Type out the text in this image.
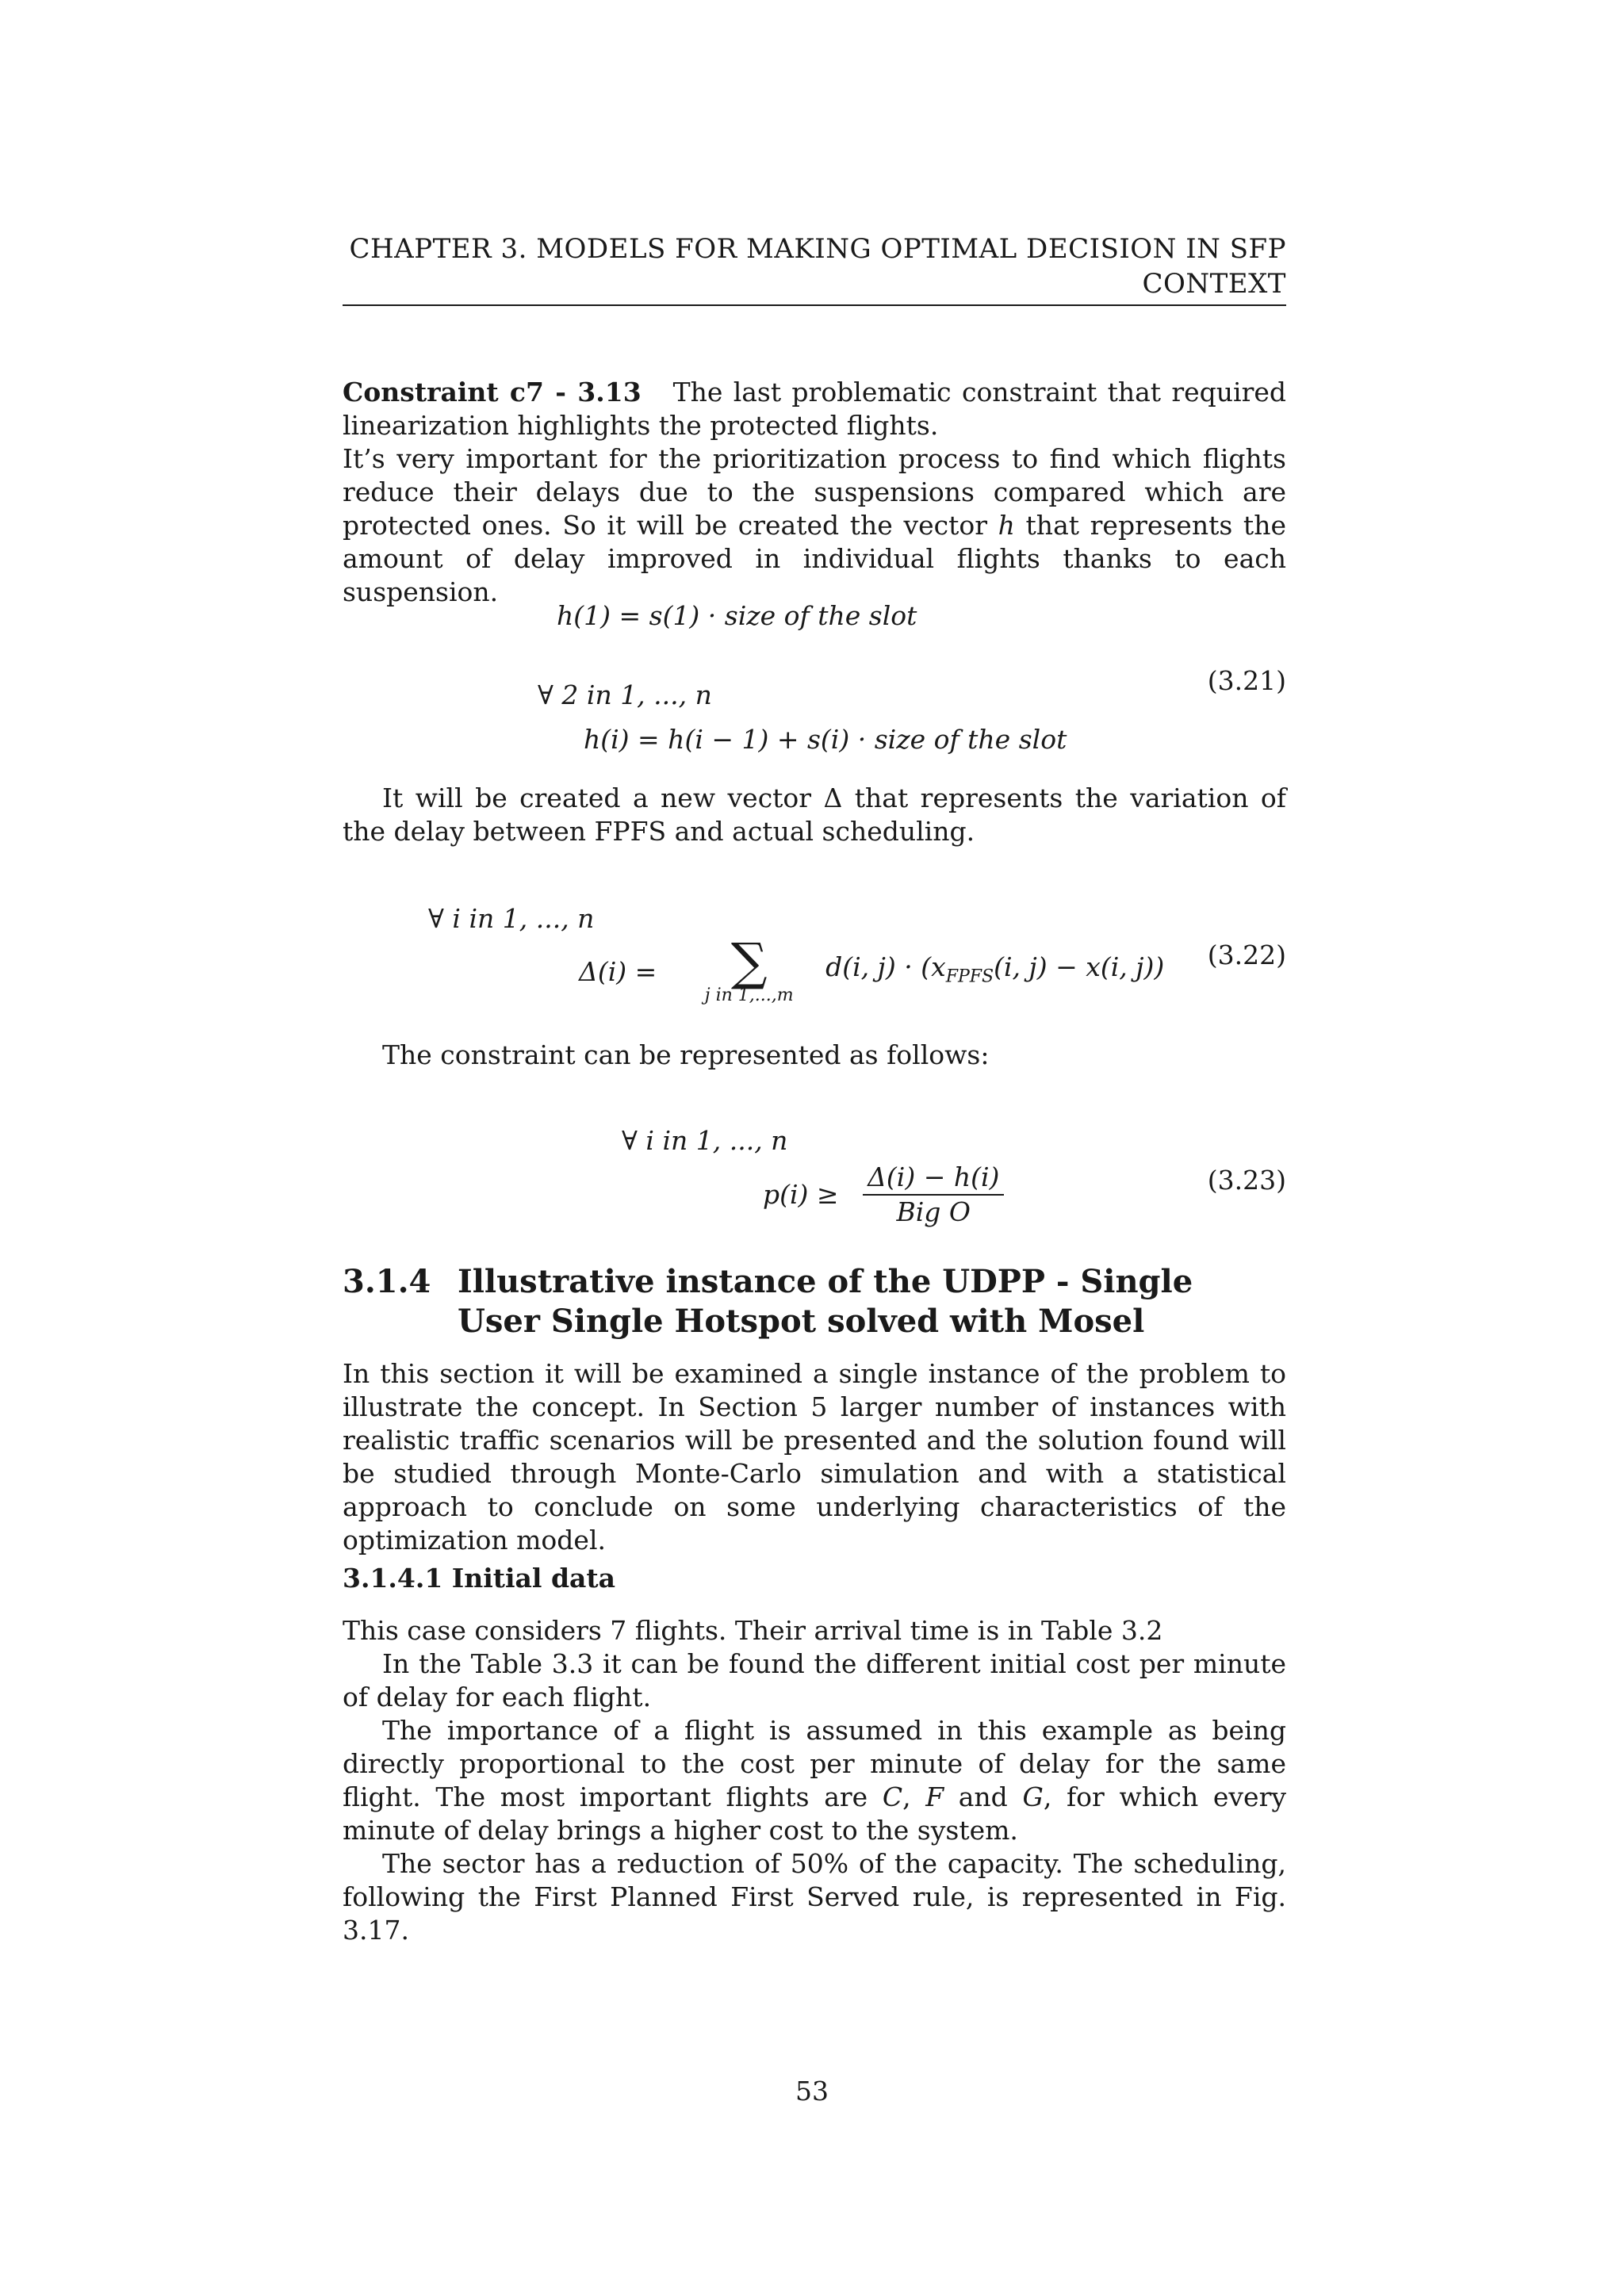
CHAPTER 3. MODELS FOR MAKING OPTIMAL DECISION IN SFP
CONTEXT

Constraint c7 - 3.13 The last problematic constraint that required linearization highlights the protected flights.

It’s very important for the prioritization process to find which flights reduce their delays due to the suspensions compared which are protected ones. So it will be created the vector h that represents the amount of delay improved in individual flights thanks to each suspension.

h(1) = s(1) · size of the slot
∀ 2 in 1, ..., n
h(i) = h(i − 1) + s(i) · size of the slot
(3.21)

It will be created a new vector Δ that represents the variation of the delay between FPFS and actual scheduling.

∀ i in 1, ..., n
Δ(i) =	∑
j in 1,...,m
d(i, $j) \cdot (x_{FPFS}(i$, j) − x(i, j)) (3.22)

The constraint can be represented as follows:

∀ i in 1, ..., n
$p(i) \ge \frac{\Delta(i) - h(i)}{\text{Big O}}$	(3.23)
3.1.4 Illustrative instance of the UDPP - Single User Single Hotspot solved with Mosel

In this section it will be examined a single instance of the problem to illustrate the concept. In Section 5 larger number of instances with realistic traffic scenarios will be presented and the solution found will be studied through Monte-Carlo simulation and with a statistical approach to conclude on some underlying characteristics of the optimization model.

3.1.4.1 Initial data

This case considers 7 flights. Their arrival time is in Table 3.2

In the Table 3.3 it can be found the different initial cost per minute of delay for each flight.

The importance of a flight is assumed in this example as being directly proportional to the cost per minute of delay for the same flight. The most important flights are C, F and G, for which every minute of delay brings a higher cost to the system.

The sector has a reduction of 50% of the capacity. The scheduling, following the First Planned First Served rule, is represented in Fig. 3.17.

53
